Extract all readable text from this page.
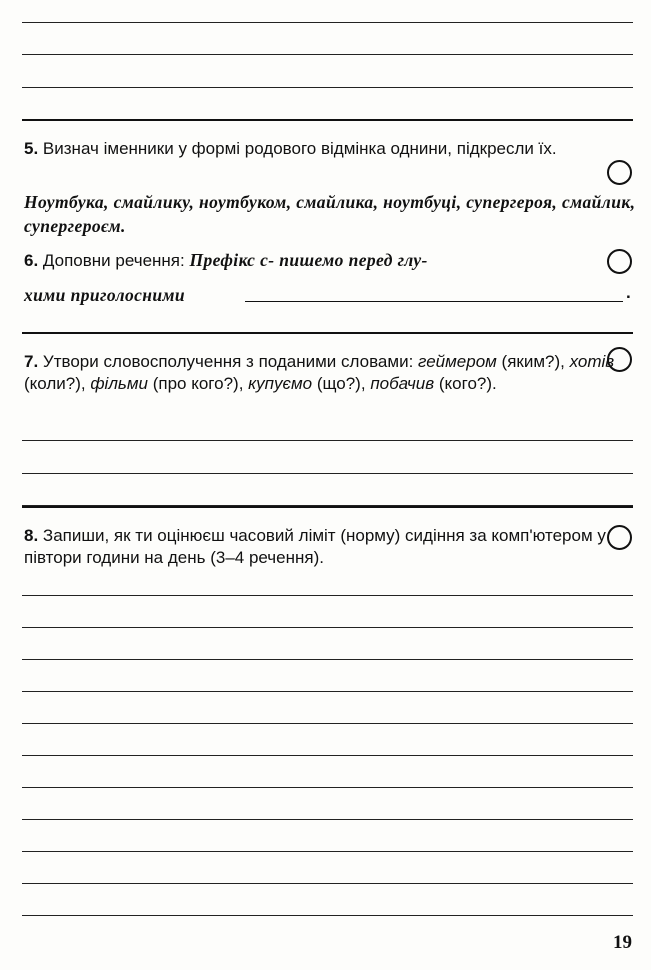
5. Визнач іменники у формі родового відмінка однини, підкресли їх.
Ноутбука, смайлику, ноутбуком, смайлика, ноутбуці, супергероя, смайлик, супергероєм.
6. Доповни речення: Префікс с- пишемо перед глу-
хими приголосними	.
7. Утвори словосполучення з поданими словами: геймером (яким?), хотів (коли?), фільми (про кого?), купуємо (що?), побачив (кого?).
8. Запиши, як ти оцінюєш часовий ліміт (норму) сидіння за комп'ютером у півтори години на день (3–4 речення).
19
